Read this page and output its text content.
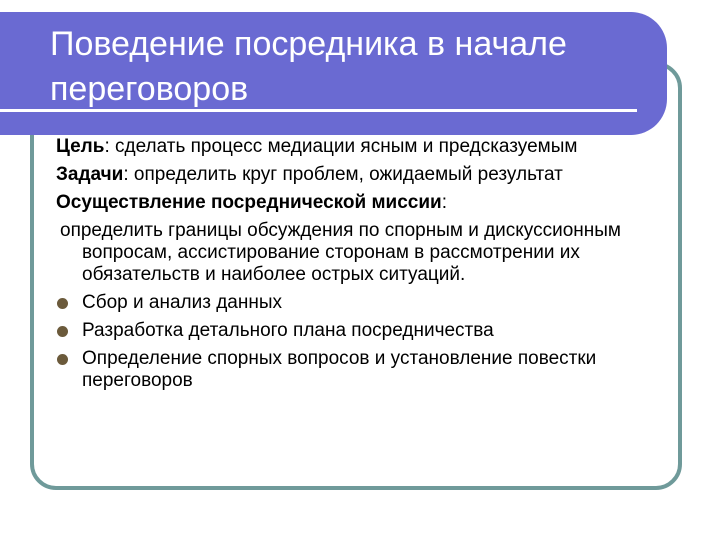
Поведение посредника в начале переговоров

Цель: сделать процесс медиации ясным и предсказуемым

Задачи: определить круг проблем, ожидаемый результат

Осуществление посреднической миссии:

определить границы обсуждения по спорным и дискуссионным вопросам, ассистирование сторонам в рассмотрении их обязательств и наиболее острых ситуаций.

Сбор и анализ данных
Разработка детального плана посредничества
Определение спорных вопросов и установление повестки переговоров
